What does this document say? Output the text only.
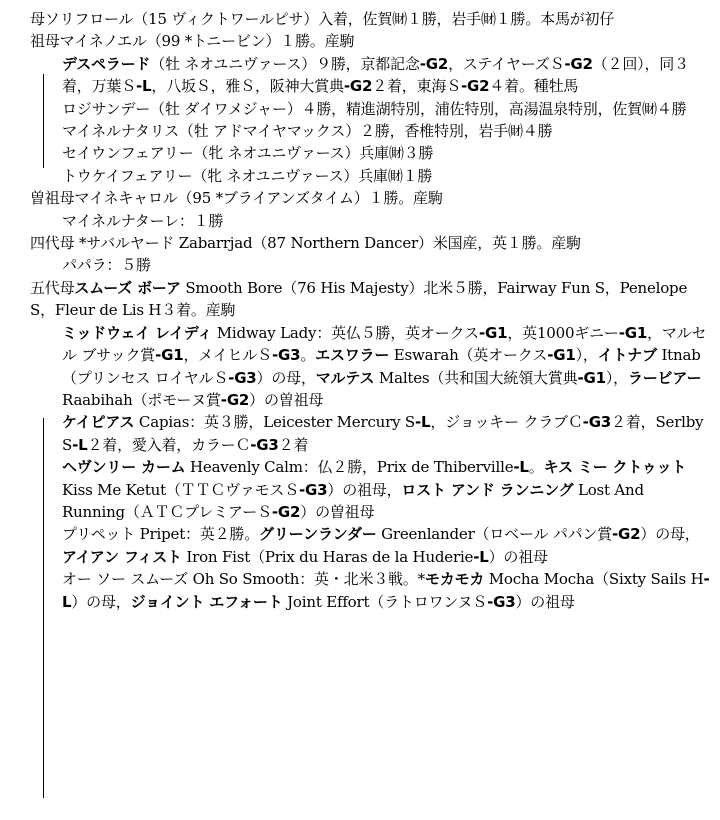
母ソリフロール（15 ヴィクトワールピサ）入着，佐賀㈶１勝，岩手㈶１勝。本馬が初仔

祖母マイネノエル（99 *トニービン）１勝。産駒

デスペラード（牡 ネオユニヴァース）９勝，京都記念-G2，ステイヤーズＳ-G2（２回），同３着，万葉Ｓ-L，八坂Ｓ，雅Ｓ，阪神大賞典-G2２着，東海Ｓ-G2４着。種牡馬

ロジサンデー（牡 ダイワメジャー）４勝，精進湖特別，浦佐特別，高湯温泉特別，佐賀㈶４勝

マイネルナタリス（牡 アドマイヤマックス）２勝，香椎特別，岩手㈶４勝

セイウンフェアリー（牝 ネオユニヴァース）兵庫㈶３勝

トウケイフェアリー（牝 ネオユニヴァース）兵庫㈶１勝

曽祖母マイネキャロル（95 *ブライアンズタイム）１勝。産駒

マイネルナターレ：１勝

四代母 *サバルヤード Zabarrjad（87 Northern Dancer）米国産，英１勝。産駒

パパラ：５勝

五代母スムーズ ボーア Smooth Bore（76 His Majesty）北米５勝，Fairway Fun S，Penelope S，Fleur de Lis H３着。産駒

ミッドウェイ レイディ Midway Lady：英仏５勝，英オークス-G1，英1000ギニー-G1，マルセル ブサック賞-G1，メイヒルＳ-G3。エスワラー Eswarah（英オークス-G1），イトナブ Itnab（プリンセス ロイヤルＳ-G3）の母，マルテス Maltes（共和国大統領大賞典-G1），ラービアー Raabihah（ポモーヌ賞-G2）の曽祖母

ケイピアス Capias：英３勝，Leicester Mercury S-L，ジョッキー クラブＣ-G3２着，Serlby S-L２着，愛入着，カラーＣ-G3２着

ヘヴンリー カーム Heavenly Calm：仏２勝，Prix de Thiberville-L。キス ミー クトゥット Kiss Me Ketut（ＴＴＣヴァモスＳ-G3）の祖母，ロスト アンド ランニング Lost And Running（ＡＴＣプレミアーＳ-G2）の曽祖母

プリペット Pripet：英２勝。グリーンランダー Greenlander（ロベール パパン賞-G2）の母，アイアン フィスト Iron Fist（Prix du Haras de la Huderie-L）の祖母

オー ソー スムーズ Oh So Smooth：英・北米３戦。*モカモカ Mocha Mocha（Sixty Sails H-L）の母，ジョイント エフォート Joint Effort（ラトロワンヌＳ-G3）の祖母
